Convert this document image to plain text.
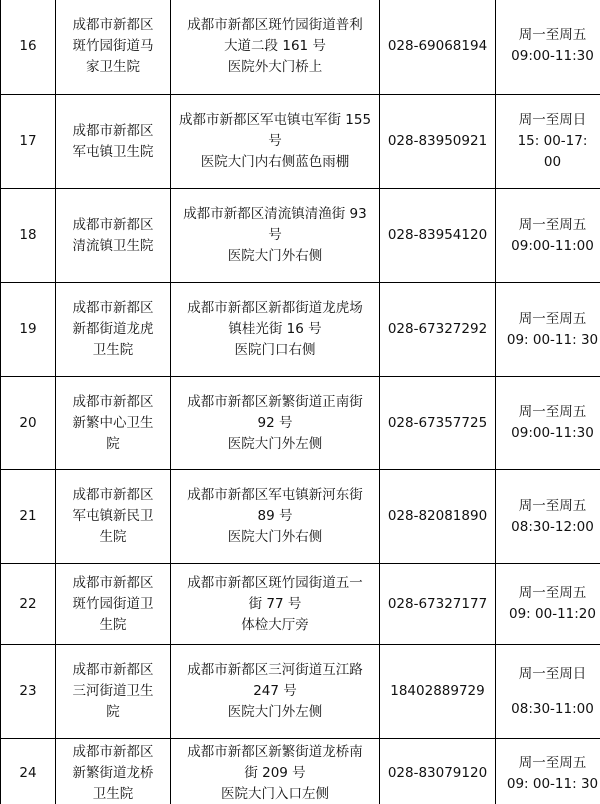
16	成都市新都区
斑竹园街道马
家卫生院	成都市新都区斑竹园街道普利
大道二段 161 号
医院外大门桥上	028-69068194	周一至周五
09:00-11:30

17	成都市新都区
军屯镇卫生院	成都市新都区军屯镇屯军街 155
号
医院大门内右侧蓝色雨棚	028-83950921	周一至周日
15: 00-17:
00

18	成都市新都区
清流镇卫生院	成都市新都区清流镇清渔街 93
号
医院大门外右侧	028-83954120	周一至周五
09:00-11:00

19	成都市新都区
新都街道龙虎
卫生院	成都市新都区新都街道龙虎场
镇桂光街 16 号
医院门口右侧	028-67327292	周一至周五
09: 00-11: 30

20	成都市新都区
新繁中心卫生
院	成都市新都区新繁街道正南街
92 号
医院大门外左侧	028-67357725	周一至周五
09:00-11:30

21	成都市新都区
军屯镇新民卫
生院	成都市新都区军屯镇新河东街
89 号
医院大门外右侧	028-82081890	周一至周五
08:30-12:00

22	成都市新都区
斑竹园街道卫
生院	成都市新都区斑竹园街道五一
街 77 号
体检大厅旁	028-67327177	周一至周五
09: 00-11:20

23	成都市新都区
三河街道卫生
院	成都市新都区三河街道互江路
247 号
医院大门外左侧	18402889729	周一至周日
08:30-11:00

24	成都市新都区
新繁街道龙桥
卫生院	成都市新都区新繁街道龙桥南
街 209 号
医院大门入口左侧	028-83079120	周一至周五
09: 00-11: 30
